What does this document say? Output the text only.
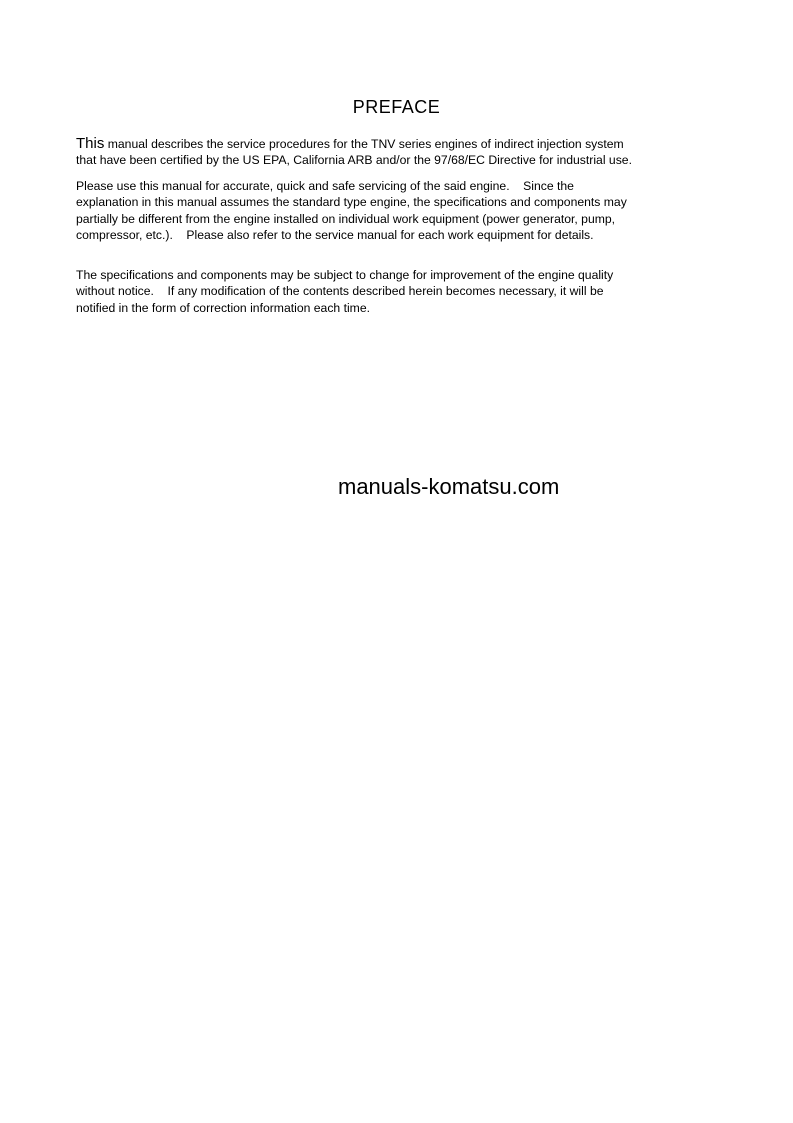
PREFACE
This manual describes the service procedures for the TNV series engines of indirect injection system
that have been certified by the US EPA, California ARB and/or the 97/68/EC Directive for industrial use.
Please use this manual for accurate, quick and safe servicing of the said engine.    Since the
explanation in this manual assumes the standard type engine, the specifications and components may
partially be different from the engine installed on individual work equipment (power generator, pump,
compressor, etc.).    Please also refer to the service manual for each work equipment for details.
The specifications and components may be subject to change for improvement of the engine quality
without notice.    If any modification of the contents described herein becomes necessary, it will be
notified in the form of correction information each time.
manuals-komatsu.com
